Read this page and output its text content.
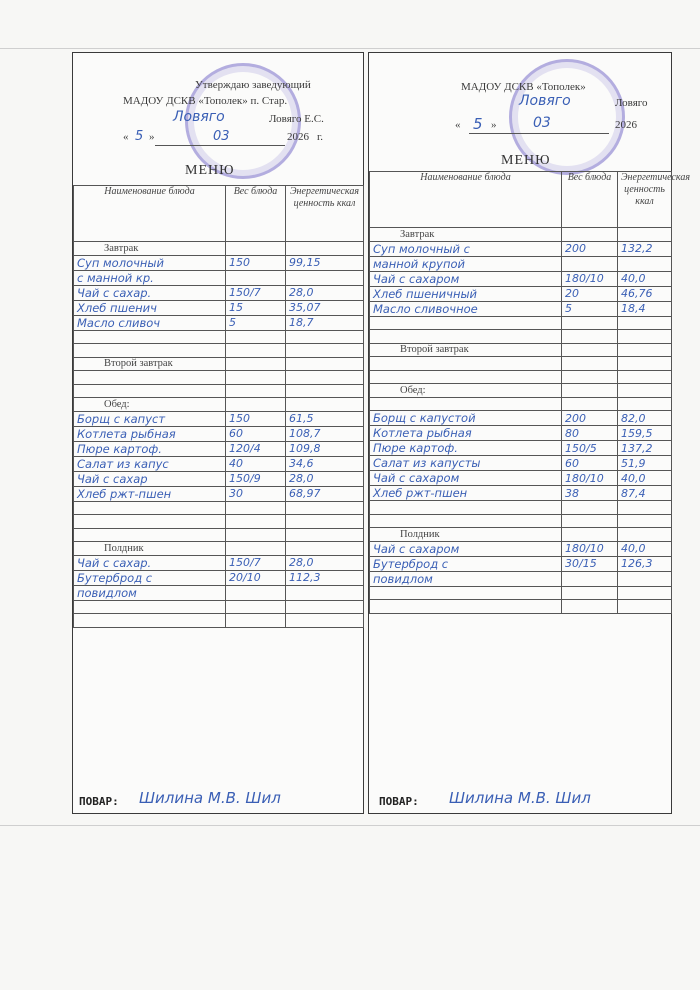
Утверждаю заведующий
МАДОУ ДСКВ «Тополек» п. Стар.
Ловяго	Ловяго Е.С.
« 5 »	03	2026 г.
МЕНЮ
Наименование блюда	Вес блюда	Энергетическая ценность ккал
Завтрак		
Суп молочный	150	99,15
с манной кр.		
Чай с сахар.	150/7	28,0
Хлеб пшенич	15	35,07
Масло сливоч	5	18,7

Второй завтрак		

Обед:		
Борщ с капуст	150	61,5
Котлета рыбная	60	108,7
Пюре картоф.	120/4	109,8
Салат из капус	40	34,6
Чай с сахар	150/9	28,0
Хлеб ржт-пшен	30	68,97

Полдник		
Чай с сахар.	150/7	28,0
Бутерброд с	20/10	112,3
повидлом		

ПОВАР: Шилина М.В. Шил
МАДОУ ДСКВ «Тополек»
Ловяго	Ловяго
« 5 »	03	2026
МЕНЮ
Наименование блюда	Вес блюда	Энергетическая ценность ккал
Завтрак		
Суп молочный с	200	132,2
манной крупой		
Чай с сахаром	180/10	40,0
Хлеб пшеничный	20	46,76
Масло сливочное	5	18,4

Второй завтрак		

Обед:		

Борщ с капустой	200	82,0
Котлета рыбная	80	159,5
Пюре картоф.	150/5	137,2
Салат из капусты	60	51,9
Чай с сахаром	180/10	40,0
Хлеб ржт-пшен	38	87,4

Полдник		
Чай с сахаром	180/10	40,0
Бутерброд с	30/15	126,3
повидлом		

ПОВАР: Шилина М.В. Шил
